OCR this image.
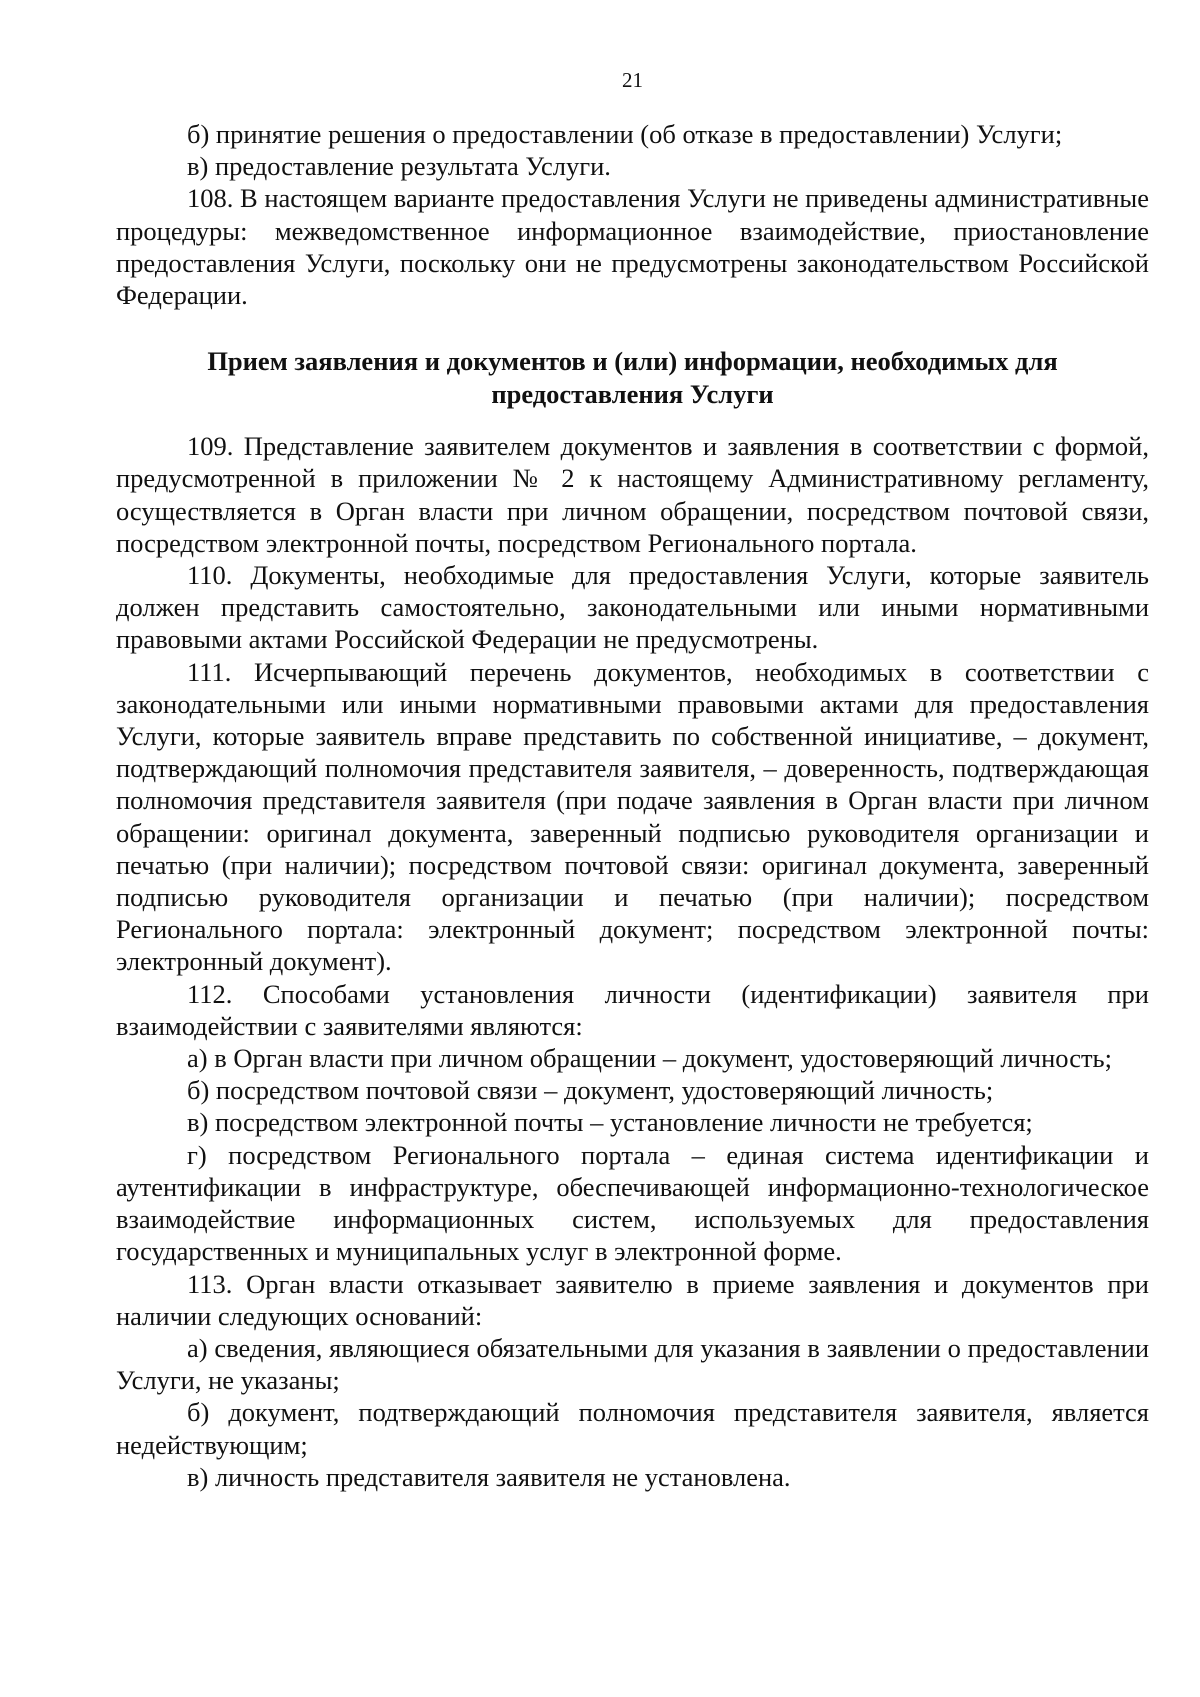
21

б) принятие решения о предоставлении (об отказе в предоставлении) Услуги;

в) предоставление результата Услуги.

108. В настоящем варианте предоставления Услуги не приведены административные процедуры: межведомственное информационное взаимодействие, приостановление предоставления Услуги, поскольку они не предусмотрены законодательством Российской Федерации.

Прием заявления и документов и (или) информации, необходимых для
предоставления Услуги

109. Представление заявителем документов и заявления в соответствии с формой, предусмотренной в приложении № 2 к настоящему Административному регламенту, осуществляется в Орган власти при личном обращении, посредством почтовой связи, посредством электронной почты, посредством Регионального портала.

110. Документы, необходимые для предоставления Услуги, которые заявитель должен представить самостоятельно, законодательными или иными нормативными правовыми актами Российской Федерации не предусмотрены.

111. Исчерпывающий перечень документов, необходимых в соответствии с законодательными или иными нормативными правовыми актами для предоставления Услуги, которые заявитель вправе представить по собственной инициативе, – документ, подтверждающий полномочия представителя заявителя, – доверенность, подтверждающая полномочия представителя заявителя (при подаче заявления в Орган власти при личном обращении: оригинал документа, заверенный подписью руководителя организации и печатью (при наличии); посредством почтовой связи: оригинал документа, заверенный подписью руководителя организации и печатью (при наличии); посредством Регионального портала: электронный документ; посредством электронной почты: электронный документ).

112. Способами установления личности (идентификации) заявителя при взаимодействии с заявителями являются:

а) в Орган власти при личном обращении – документ, удостоверяющий личность;

б) посредством почтовой связи – документ, удостоверяющий личность;

в) посредством электронной почты – установление личности не требуется;

г) посредством Регионального портала – единая система идентификации и аутентификации в инфраструктуре, обеспечивающей информационно-технологическое взаимодействие информационных систем, используемых для предоставления государственных и муниципальных услуг в электронной форме.

113. Орган власти отказывает заявителю в приеме заявления и документов при наличии следующих оснований:

а) сведения, являющиеся обязательными для указания в заявлении о предоставлении Услуги, не указаны;

б) документ, подтверждающий полномочия представителя заявителя, является недействующим;

в) личность представителя заявителя не установлена.
